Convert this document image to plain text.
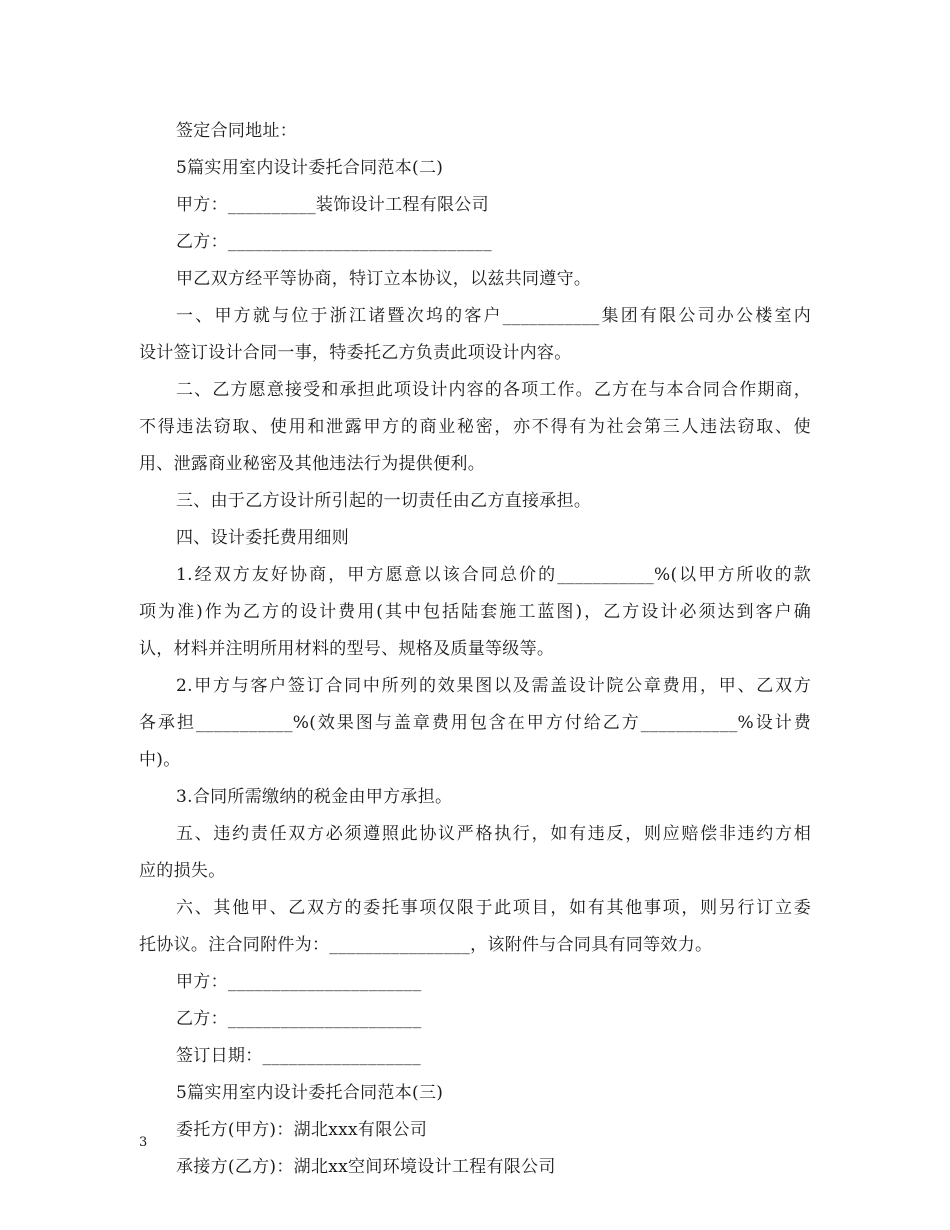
签定合同地址：
5篇实用室内设计委托合同范本(二)
甲方：__________装饰设计工程有限公司
乙方：______________________________
甲乙双方经平等协商，特订立本协议，以兹共同遵守。
一、甲方就与位于浙江诸暨次坞的客户___________集团有限公司办公楼室内
设计签订设计合同一事，特委托乙方负责此项设计内容。
二、乙方愿意接受和承担此项设计内容的各项工作。乙方在与本合同合作期商，
不得违法窃取、使用和泄露甲方的商业秘密，亦不得有为社会第三人违法窃取、使
用、泄露商业秘密及其他违法行为提供便利。
三、由于乙方设计所引起的一切责任由乙方直接承担。
四、设计委托费用细则
1.经双方友好协商，甲方愿意以该合同总价的___________%(以甲方所收的款
项为准)作为乙方的设计费用(其中包括陆套施工蓝图)，乙方设计必须达到客户确
认，材料并注明所用材料的型号、规格及质量等级等。
2.甲方与客户签订合同中所列的效果图以及需盖设计院公章费用，甲、乙双方
各承担___________%(效果图与盖章费用包含在甲方付给乙方___________%设计费
中)。
3.合同所需缴纳的税金由甲方承担。
五、违约责任双方必须遵照此协议严格执行，如有违反，则应赔偿非违约方相
应的损失。
六、其他甲、乙双方的委托事项仅限于此项目，如有其他事项，则另行订立委
托协议。注合同附件为：________________，该附件与合同具有同等效力。
甲方：______________________
乙方：______________________
签订日期：__________________
5篇实用室内设计委托合同范本(三)
委托方(甲方)：湖北xxx有限公司
承接方(乙方)：湖北xx空间环境设计工程有限公司
3
